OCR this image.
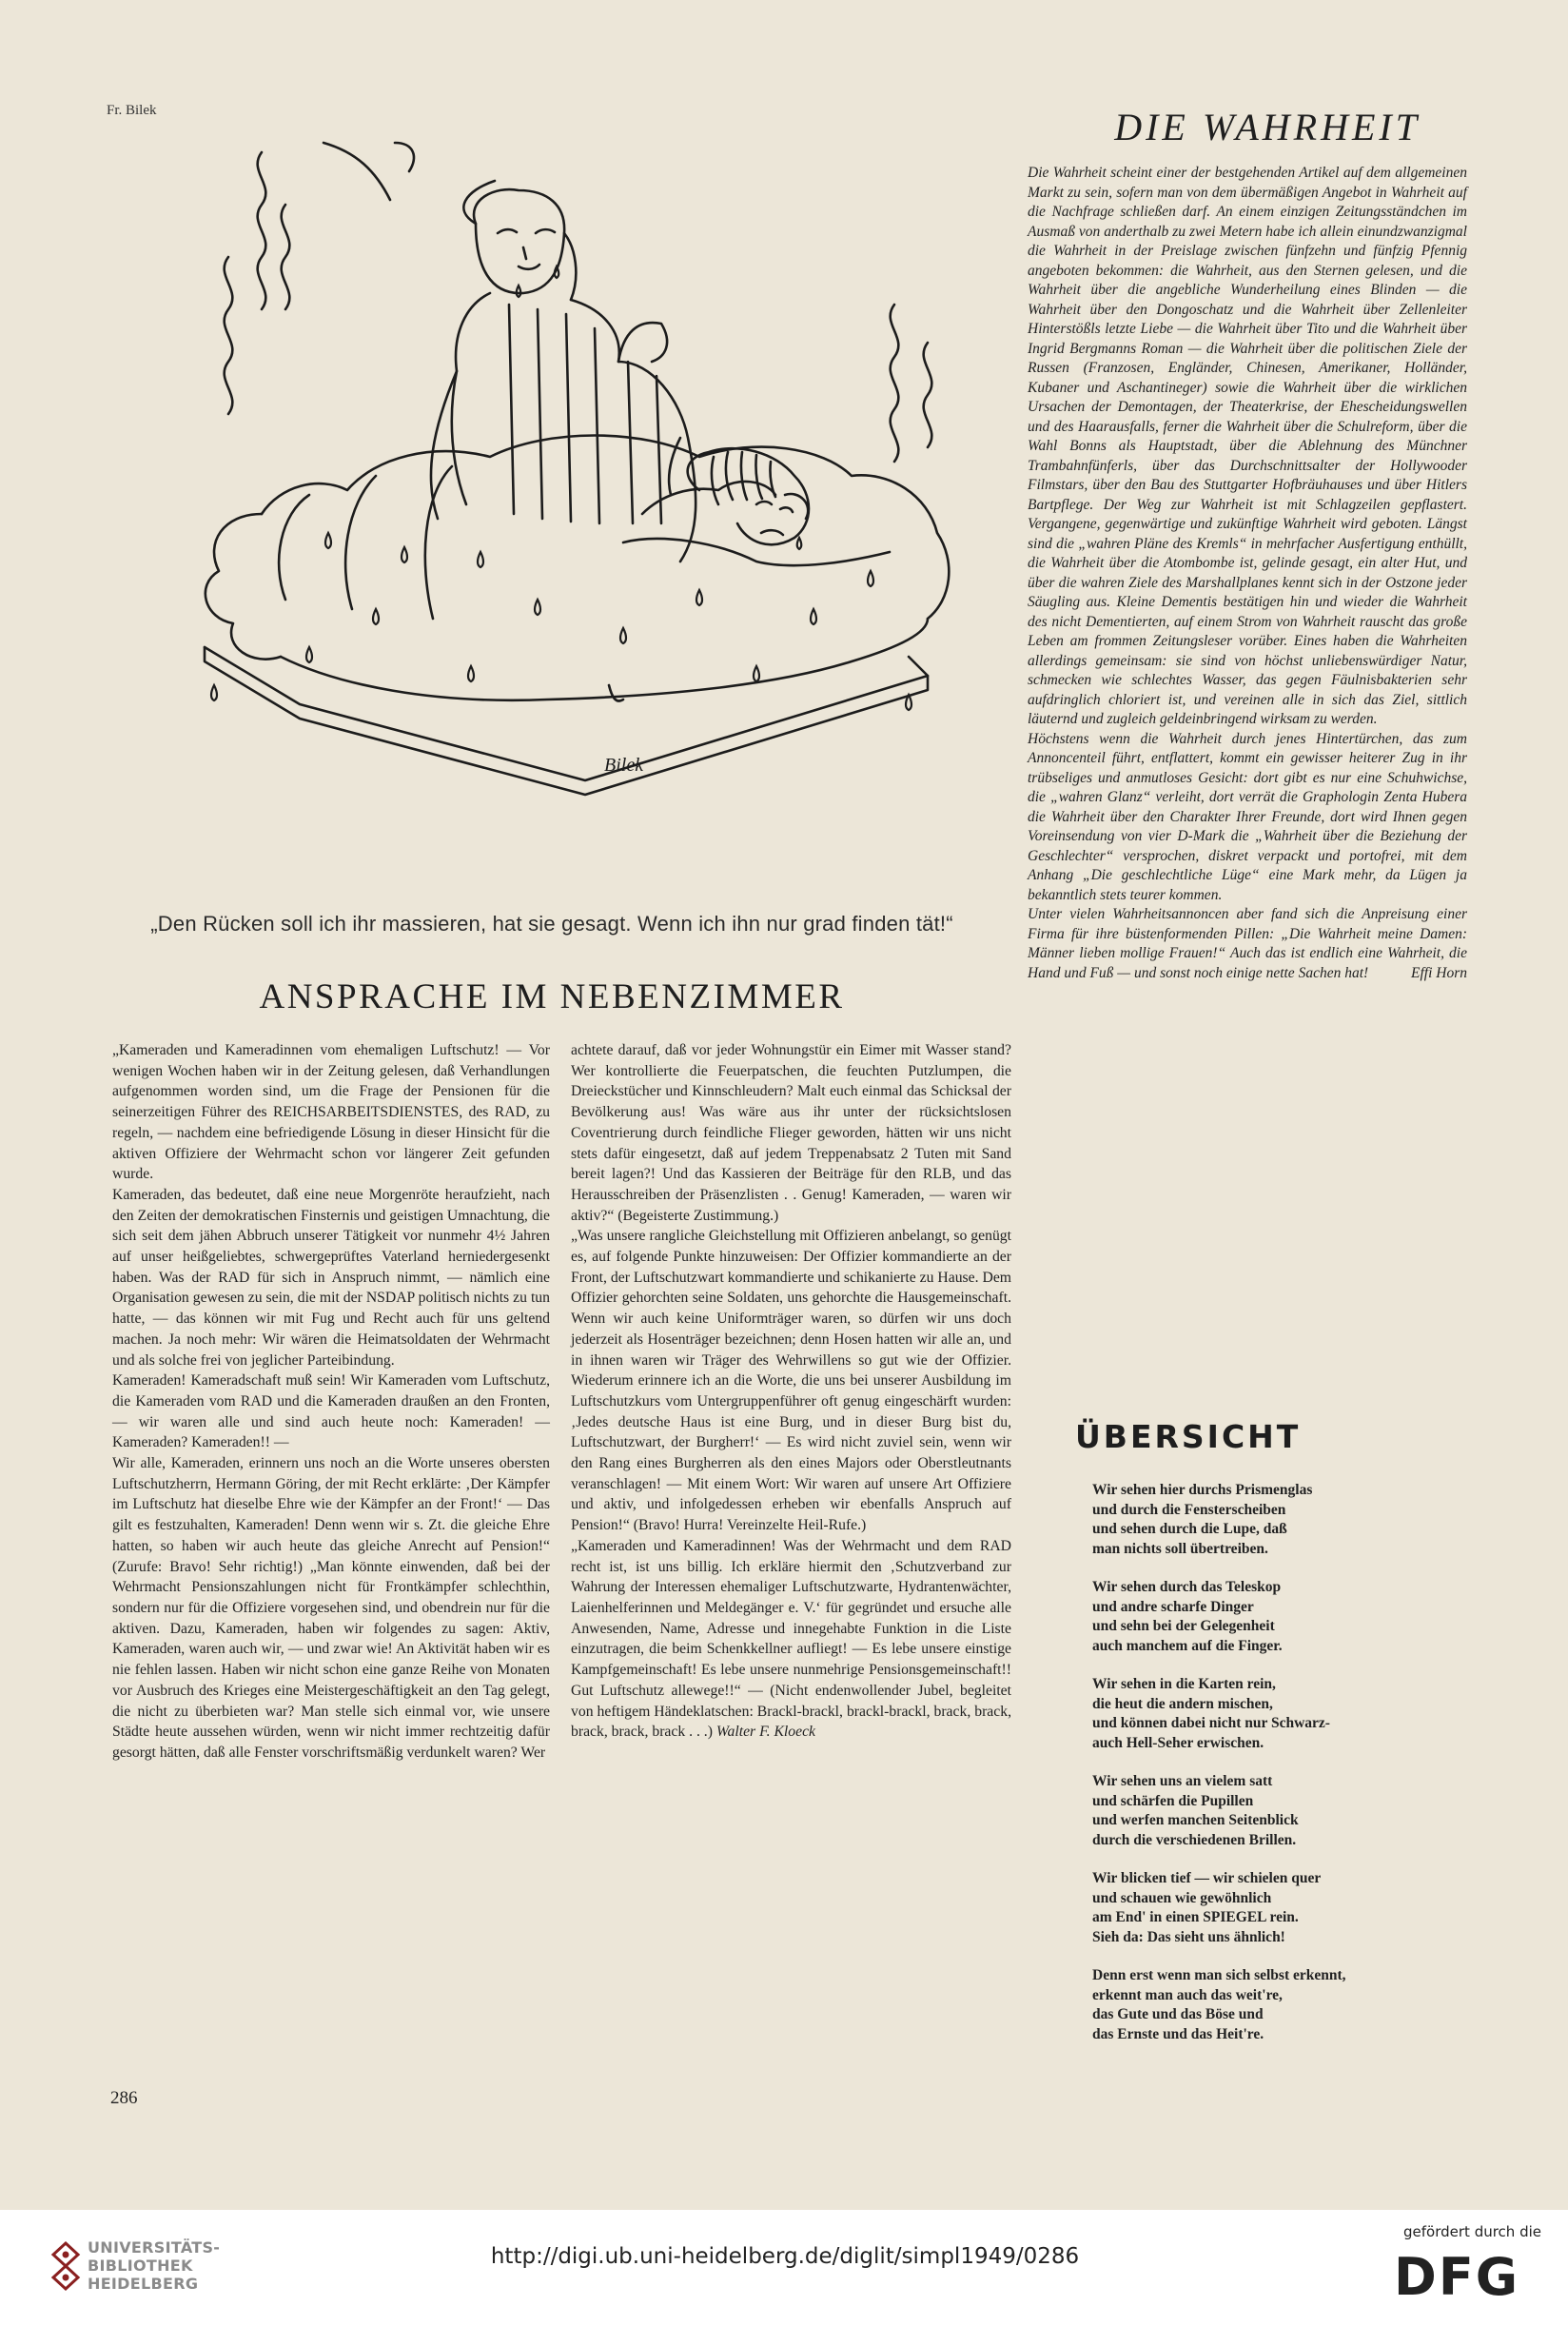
Fr. Bilek
Bilek
„Den Rücken soll ich ihr massieren, hat sie gesagt. Wenn ich ihn nur grad finden tät!“
ANSPRACHE IM NEBENZIMMER

„Kameraden und Kameradinnen vom ehemaligen Luftschutz! — Vor wenigen Wochen haben wir in der Zeitung gelesen, daß Verhandlungen aufgenommen worden sind, um die Frage der Pensionen für die seinerzeitigen Führer des REICHSARBEITSDIENSTES, des RAD, zu regeln, — nachdem eine befriedigende Lösung in dieser Hinsicht für die aktiven Offiziere der Wehrmacht schon vor längerer Zeit gefunden wurde.

Kameraden, das bedeutet, daß eine neue Morgenröte heraufzieht, nach den Zeiten der demokratischen Finsternis und geistigen Umnachtung, die sich seit dem jähen Abbruch unserer Tätigkeit vor nunmehr 4½ Jahren auf unser heißgeliebtes, schwergeprüftes Vaterland herniedergesenkt haben. Was der RAD für sich in Anspruch nimmt, — nämlich eine Organisation gewesen zu sein, die mit der NSDAP politisch nichts zu tun hatte, — das können wir mit Fug und Recht auch für uns geltend machen. Ja noch mehr: Wir wären die Heimatsoldaten der Wehrmacht und als solche frei von jeglicher Parteibindung.

Kameraden! Kameradschaft muß sein! Wir Kameraden vom Luftschutz, die Kameraden vom RAD und die Kameraden draußen an den Fronten, — wir waren alle und sind auch heute noch: Kameraden! — Kameraden? Kameraden!! —

Wir alle, Kameraden, erinnern uns noch an die Worte unseres obersten Luftschutzherrn, Hermann Göring, der mit Recht erklärte: ‚Der Kämpfer im Luftschutz hat dieselbe Ehre wie der Kämpfer an der Front!‘ — Das gilt es festzuhalten, Kameraden! Denn wenn wir s. Zt. die gleiche Ehre hatten, so haben wir auch heute das gleiche Anrecht auf Pension!“ (Zurufe: Bravo! Sehr richtig!) „Man könnte einwenden, daß bei der Wehrmacht Pensionszahlungen nicht für Frontkämpfer schlechthin, sondern nur für die Offiziere vorgesehen sind, und obendrein nur für die aktiven. Dazu, Kameraden, haben wir folgendes zu sagen: Aktiv, Kameraden, waren auch wir, — und zwar wie! An Aktivität haben wir es nie fehlen lassen. Haben wir nicht schon eine ganze Reihe von Monaten vor Ausbruch des Krieges eine Meistergeschäftigkeit an den Tag gelegt, die nicht zu überbieten war? Man stelle sich einmal vor, wie unsere Städte heute aussehen würden, wenn wir nicht immer rechtzeitig dafür gesorgt hätten, daß alle Fenster vorschriftsmäßig verdunkelt waren? Wer

achtete darauf, daß vor jeder Wohnungstür ein Eimer mit Wasser stand? Wer kontrollierte die Feuerpatschen, die feuchten Putzlumpen, die Dreieckstücher und Kinnschleudern? Malt euch einmal das Schicksal der Bevölkerung aus! Was wäre aus ihr unter der rücksichtslosen Coventrierung durch feindliche Flieger geworden, hätten wir uns nicht stets dafür eingesetzt, daß auf jedem Treppenabsatz 2 Tuten mit Sand bereit lagen?! Und das Kassieren der Beiträge für den RLB, und das Herausschreiben der Präsenzlisten . . Genug! Kameraden, — waren wir aktiv?“ (Begeisterte Zustimmung.)

„Was unsere rangliche Gleichstellung mit Offizieren anbelangt, so genügt es, auf folgende Punkte hinzuweisen: Der Offizier kommandierte an der Front, der Luftschutzwart kommandierte und schikanierte zu Hause. Dem Offizier gehorchten seine Soldaten, uns gehorchte die Hausgemeinschaft. Wenn wir auch keine Uniformträger waren, so dürfen wir uns doch jederzeit als Hosenträger bezeichnen; denn Hosen hatten wir alle an, und in ihnen waren wir Träger des Wehrwillens so gut wie der Offizier. Wiederum erinnere ich an die Worte, die uns bei unserer Ausbildung im Luftschutzkurs vom Untergruppenführer oft genug eingeschärft wurden: ‚Jedes deutsche Haus ist eine Burg, und in dieser Burg bist du, Luftschutzwart, der Burgherr!‘ — Es wird nicht zuviel sein, wenn wir den Rang eines Burgherren als den eines Majors oder Oberstleutnants veranschlagen! — Mit einem Wort: Wir waren auf unsere Art Offiziere und aktiv, und infolgedessen erheben wir ebenfalls Anspruch auf Pension!“ (Bravo! Hurra! Vereinzelte Heil-Rufe.)

„Kameraden und Kameradinnen! Was der Wehrmacht und dem RAD recht ist, ist uns billig. Ich erkläre hiermit den ‚Schutzverband zur Wahrung der Interessen ehemaliger Luftschutzwarte, Hydrantenwächter, Laienhelferinnen und Meldegänger e. V.‘ für gegründet und ersuche alle Anwesenden, Name, Adresse und innegehabte Funktion in die Liste einzutragen, die beim Schenkkellner aufliegt! — Es lebe unsere einstige Kampfgemeinschaft! Es lebe unsere nunmehrige Pensionsgemeinschaft!! Gut Luftschutz allewege!!“ — (Nicht endenwollender Jubel, begleitet von heftigem Händeklatschen: Brackl-brackl, brackl-brackl, brack, brack, brack, brack, brack . . .) Walter F. Kloeck

DIE WAHRHEIT

Die Wahrheit scheint einer der bestgehenden Artikel auf dem allgemeinen Markt zu sein, sofern man von dem übermäßigen Angebot in Wahrheit auf die Nachfrage schließen darf. An einem einzigen Zeitungsständchen im Ausmaß von anderthalb zu zwei Metern habe ich allein einundzwanzigmal die Wahrheit in der Preislage zwischen fünfzehn und fünfzig Pfennig angeboten bekommen: die Wahrheit, aus den Sternen gelesen, und die Wahrheit über die angebliche Wunderheilung eines Blinden — die Wahrheit über den Dongoschatz und die Wahrheit über Zellenleiter Hinterstößls letzte Liebe — die Wahrheit über Tito und die Wahrheit über Ingrid Bergmanns Roman — die Wahrheit über die politischen Ziele der Russen (Franzosen, Engländer, Chinesen, Amerikaner, Holländer, Kubaner und Aschantineger) sowie die Wahrheit über die wirklichen Ursachen der Demontagen, der Theaterkrise, der Ehescheidungswellen und des Haarausfalls, ferner die Wahrheit über die Schulreform, über die Wahl Bonns als Hauptstadt, über die Ablehnung des Münchner Trambahnfünferls, über das Durchschnittsalter der Hollywooder Filmstars, über den Bau des Stuttgarter Hofbräuhauses und über Hitlers Bartpflege. Der Weg zur Wahrheit ist mit Schlagzeilen gepflastert. Vergangene, gegenwärtige und zukünftige Wahrheit wird geboten. Längst sind die „wahren Pläne des Kremls“ in mehrfacher Ausfertigung enthüllt, die Wahrheit über die Atombombe ist, gelinde gesagt, ein alter Hut, und über die wahren Ziele des Marshallplanes kennt sich in der Ostzone jeder Säugling aus. Kleine Dementis bestätigen hin und wieder die Wahrheit des nicht Dementierten, auf einem Strom von Wahrheit rauscht das große Leben am frommen Zeitungsleser vorüber. Eines haben die Wahrheiten allerdings gemeinsam: sie sind von höchst unliebenswürdiger Natur, schmecken wie schlechtes Wasser, das gegen Fäulnisbakterien sehr aufdringlich chloriert ist, und vereinen alle in sich das Ziel, sittlich läuternd und zugleich geldeinbringend wirksam zu werden.

Höchstens wenn die Wahrheit durch jenes Hintertürchen, das zum Annoncenteil führt, entflattert, kommt ein gewisser heiterer Zug in ihr trübseliges und anmutloses Gesicht: dort gibt es nur eine Schuhwichse, die „wahren Glanz“ verleiht, dort verrät die Graphologin Zenta Hubera die Wahrheit über den Charakter Ihrer Freunde, dort wird Ihnen gegen Voreinsendung von vier D-Mark die „Wahrheit über die Beziehung der Geschlechter“ versprochen, diskret verpackt und portofrei, mit dem Anhang „Die geschlechtliche Lüge“ eine Mark mehr, da Lügen ja bekanntlich stets teurer kommen.

Unter vielen Wahrheitsannoncen aber fand sich die Anpreisung einer Firma für ihre büstenformenden Pillen: „Die Wahrheit meine Damen: Männer lieben mollige Frauen!“ Auch das ist endlich eine Wahrheit, die Hand und Fuß — und sonst noch einige nette Sachen hat!	Effi Horn
ÜBERSICHT
Wir sehen hier durchs Prismenglas
und durch die Fensterscheiben
und sehen durch die Lupe, daß
man nichts soll übertreiben.
Wir sehen durch das Teleskop
und andre scharfe Dinger
und sehn bei der Gelegenheit
auch manchem auf die Finger.
Wir sehen in die Karten rein,
die heut die andern mischen,
und können dabei nicht nur Schwarz-
auch Hell-Seher erwischen.
Wir sehen uns an vielem satt
und schärfen die Pupillen
und werfen manchen Seitenblick
durch die verschiedenen Brillen.
Wir blicken tief — wir schielen quer
und schauen wie gewöhnlich
am End' in einen SPIEGEL rein.
Sieh da: Das sieht uns ähnlich!
Denn erst wenn man sich selbst erkennt,
erkennt man auch das weit're,
das Gute und das Böse und
das Ernste und das Heit're.
286
UNIVERSITÄTS-
BIBLIOTHEK
HEIDELBERG
http://digi.ub.uni-heidelberg.de/diglit/simpl1949/0286
gefördert durch die
DFG
